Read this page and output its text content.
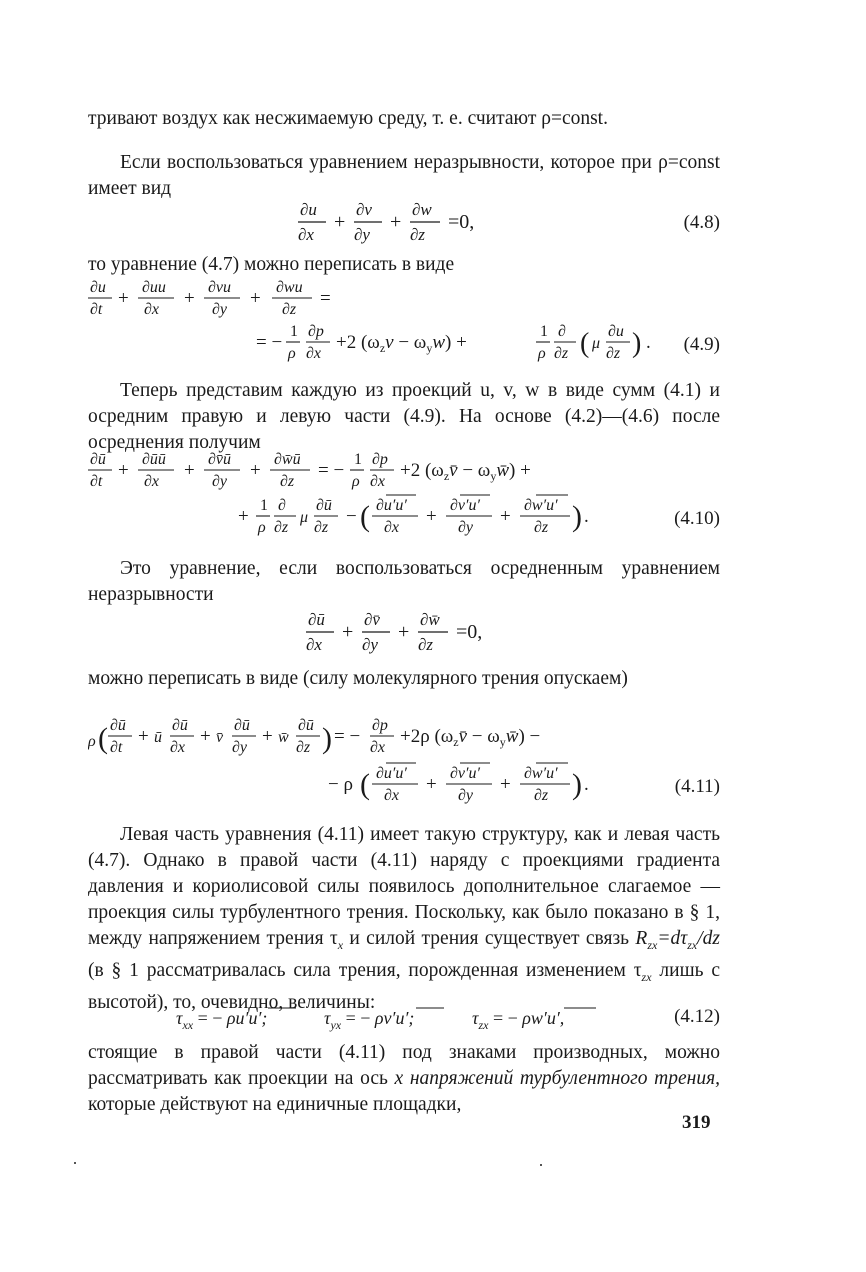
тривают воздух как несжимаемую среду, т. е. считают ρ=const.

Если воспользоваться уравнением неразрывности, которое при ρ=const имеет вид

∂u
∂x
+
∂v
∂y
+
∂w
∂z
=0,	(4.8)

то уравнение (4.7) можно переписать в виде

∂u
∂t
+
∂uu
∂x
+
∂vu
∂y
+
∂wu
∂z
=
= −
1
ρ
∂p
∂x
+2 $(\omega_zv - \omega_yw)$ +
1
ρ
∂
∂z ( μ
∂u
∂z ) . (4.9)

Теперь представим каждую из проекций u, v, w в виде сумм (4.1) и осредним правую и левую части (4.9). На основе (4.2)—(4.6) после осреднения получим

∂ū
∂t
+
∂ūū
∂x
+
∂v̄ū
∂y
+
∂w̄ū
∂z
= −
1
ρ
∂p
∂x
+2 ($\omega_zv̄$ − $\omega_yw̄$) +
+
1
ρ
∂
∂z
μ
∂ū
∂z
− ( ∂u′u′
∂x
+
∂v′u′
∂y
+
∂w′u′
∂z ) .	(4.10)

Это уравнение, если воспользоваться осредненным уравнением неразрывности

∂ū
∂x
+
∂v̄
∂y
+
∂w̄
∂z
=0,

можно переписать в виде (силу молекулярного трения опускаем)

ρ ( ∂ū
∂t
+ ū
∂ū
∂x
+ v̄
∂ū
∂y
+ w̄
∂ū
∂z ) = −
∂p
∂x
+2ρ ($\omega_zv̄$ − $\omega_yw̄$) −
− ρ ( ∂u′u′
∂x
+
∂v′u′
∂y
+
∂w′u′
∂z ) .	(4.11)

Левая часть уравнения (4.11) имеет такую структуру, как и левая часть (4.7). Однако в правой части (4.11) наряду с проекциями градиента давления и кориолисовой силы появилось дополнительное слагаемое — проекция силы турбулентного трения. Поскольку, как было показано в § 1, между напряжением трения $\tau_x$ и силой трения существует связь $R_{zx}=d\tau_{zx}/dz$ (в § 1 рассматривалась сила трения, порожденная изменением $\tau_{zx}$ лишь с высотой), то, очевидно, величины:

$\tau_{xx}$ = − ρu′u′;	$\tau_{yx}$ = − ρv′u′;	$\tau_{zx}$ = − ρw′u′,	(4.12)

стоящие в правой части (4.11) под знаками производных, можно рассматривать как проекции на ось x напряжений турбулентного трения, которые действуют на единичные площадки,

319
